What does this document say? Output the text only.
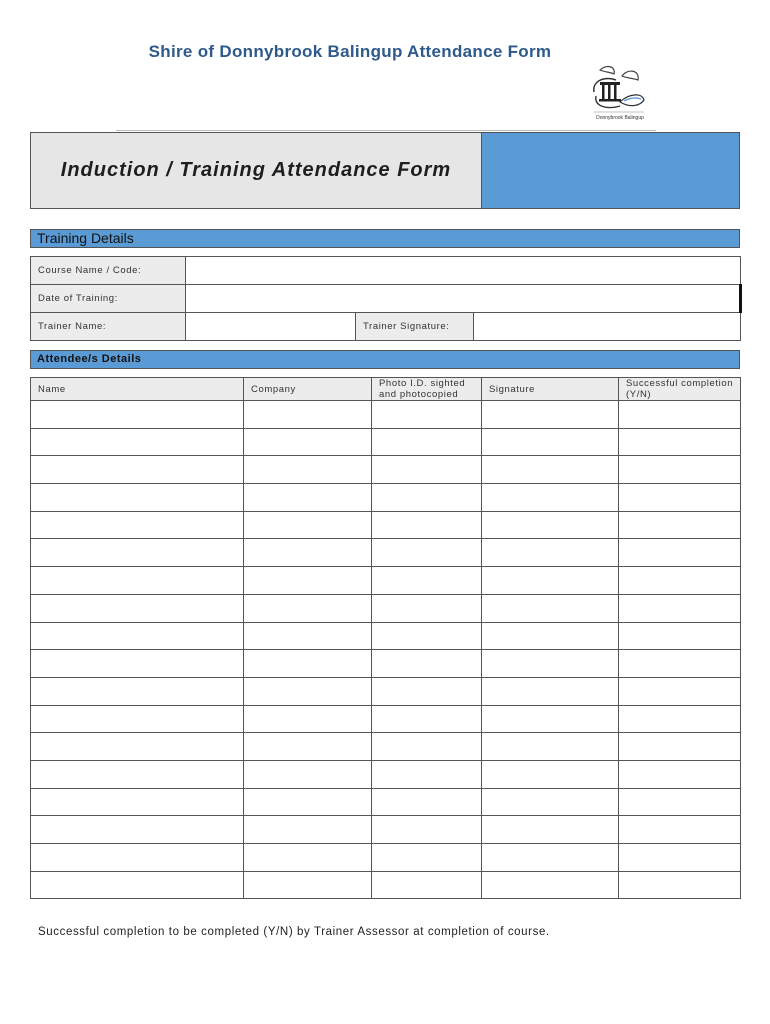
Shire of Donnybrook Balingup Attendance Form
Donnybrook Balingup
Induction / Training Attendance Form
Training Details
Course Name / Code:			
Date of Training:			
Trainer Name:		Trainer Signature:	
Attendee/s Details
Name	Company	Photo I.D. sighted and photocopied	Signature	Successful completion (Y/N)

Successful completion to be completed (Y/N) by Trainer Assessor at completion of course.
